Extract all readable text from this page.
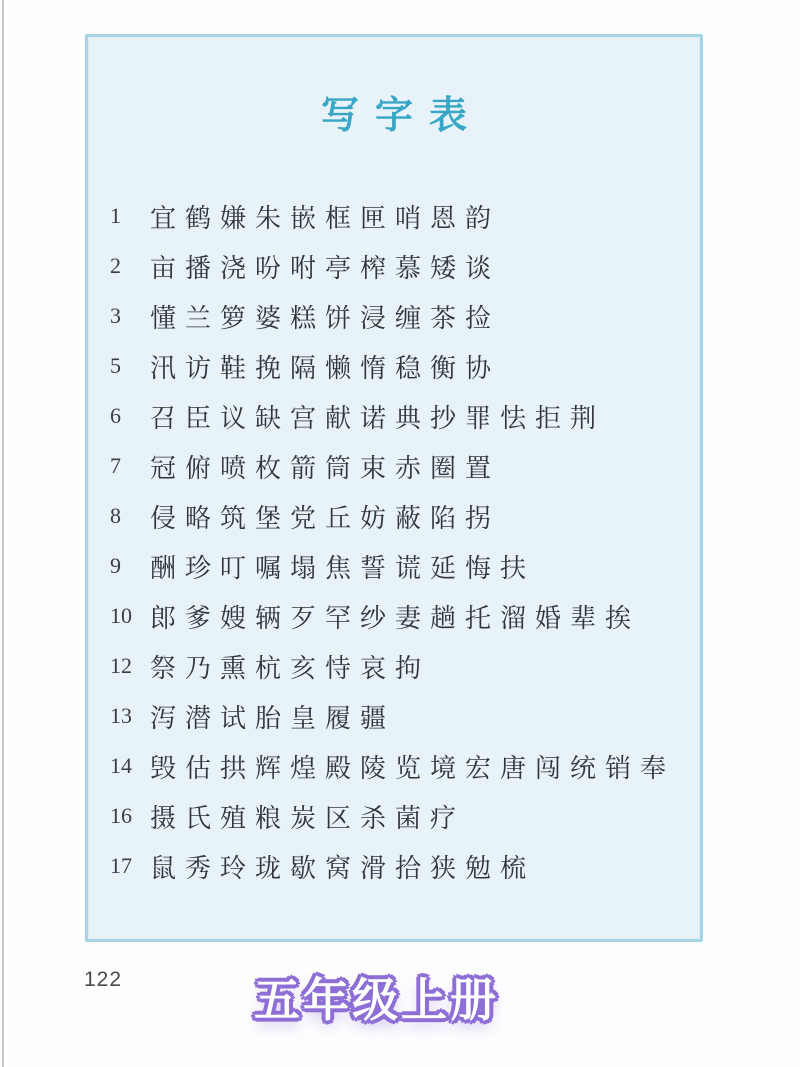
写字表
1	宜鹤嫌朱嵌框匣哨恩韵
2	亩播浇吩咐亭榨慕矮谈
3	懂兰箩婆糕饼浸缠茶捡
5	汛访鞋挽隔懒惰稳衡协
6	召臣议缺宫献诺典抄罪怯拒荆
7	冠俯喷枚箭筒束赤圈置
8	侵略筑堡党丘妨蔽陷拐
9	酬珍叮嘱塌焦誓谎延悔扶
10 郎爹嫂辆歹罕纱妻趟托溜婚辈挨
12 祭乃熏杭亥恃哀拘
13 泻潜试胎皇履疆
14 毁估拱辉煌殿陵览境宏唐闯统销奉
16 摄氏殖粮炭区杀菌疗
17 鼠秀玲珑歇窝滑拾狭勉梳
122	五年级上册
